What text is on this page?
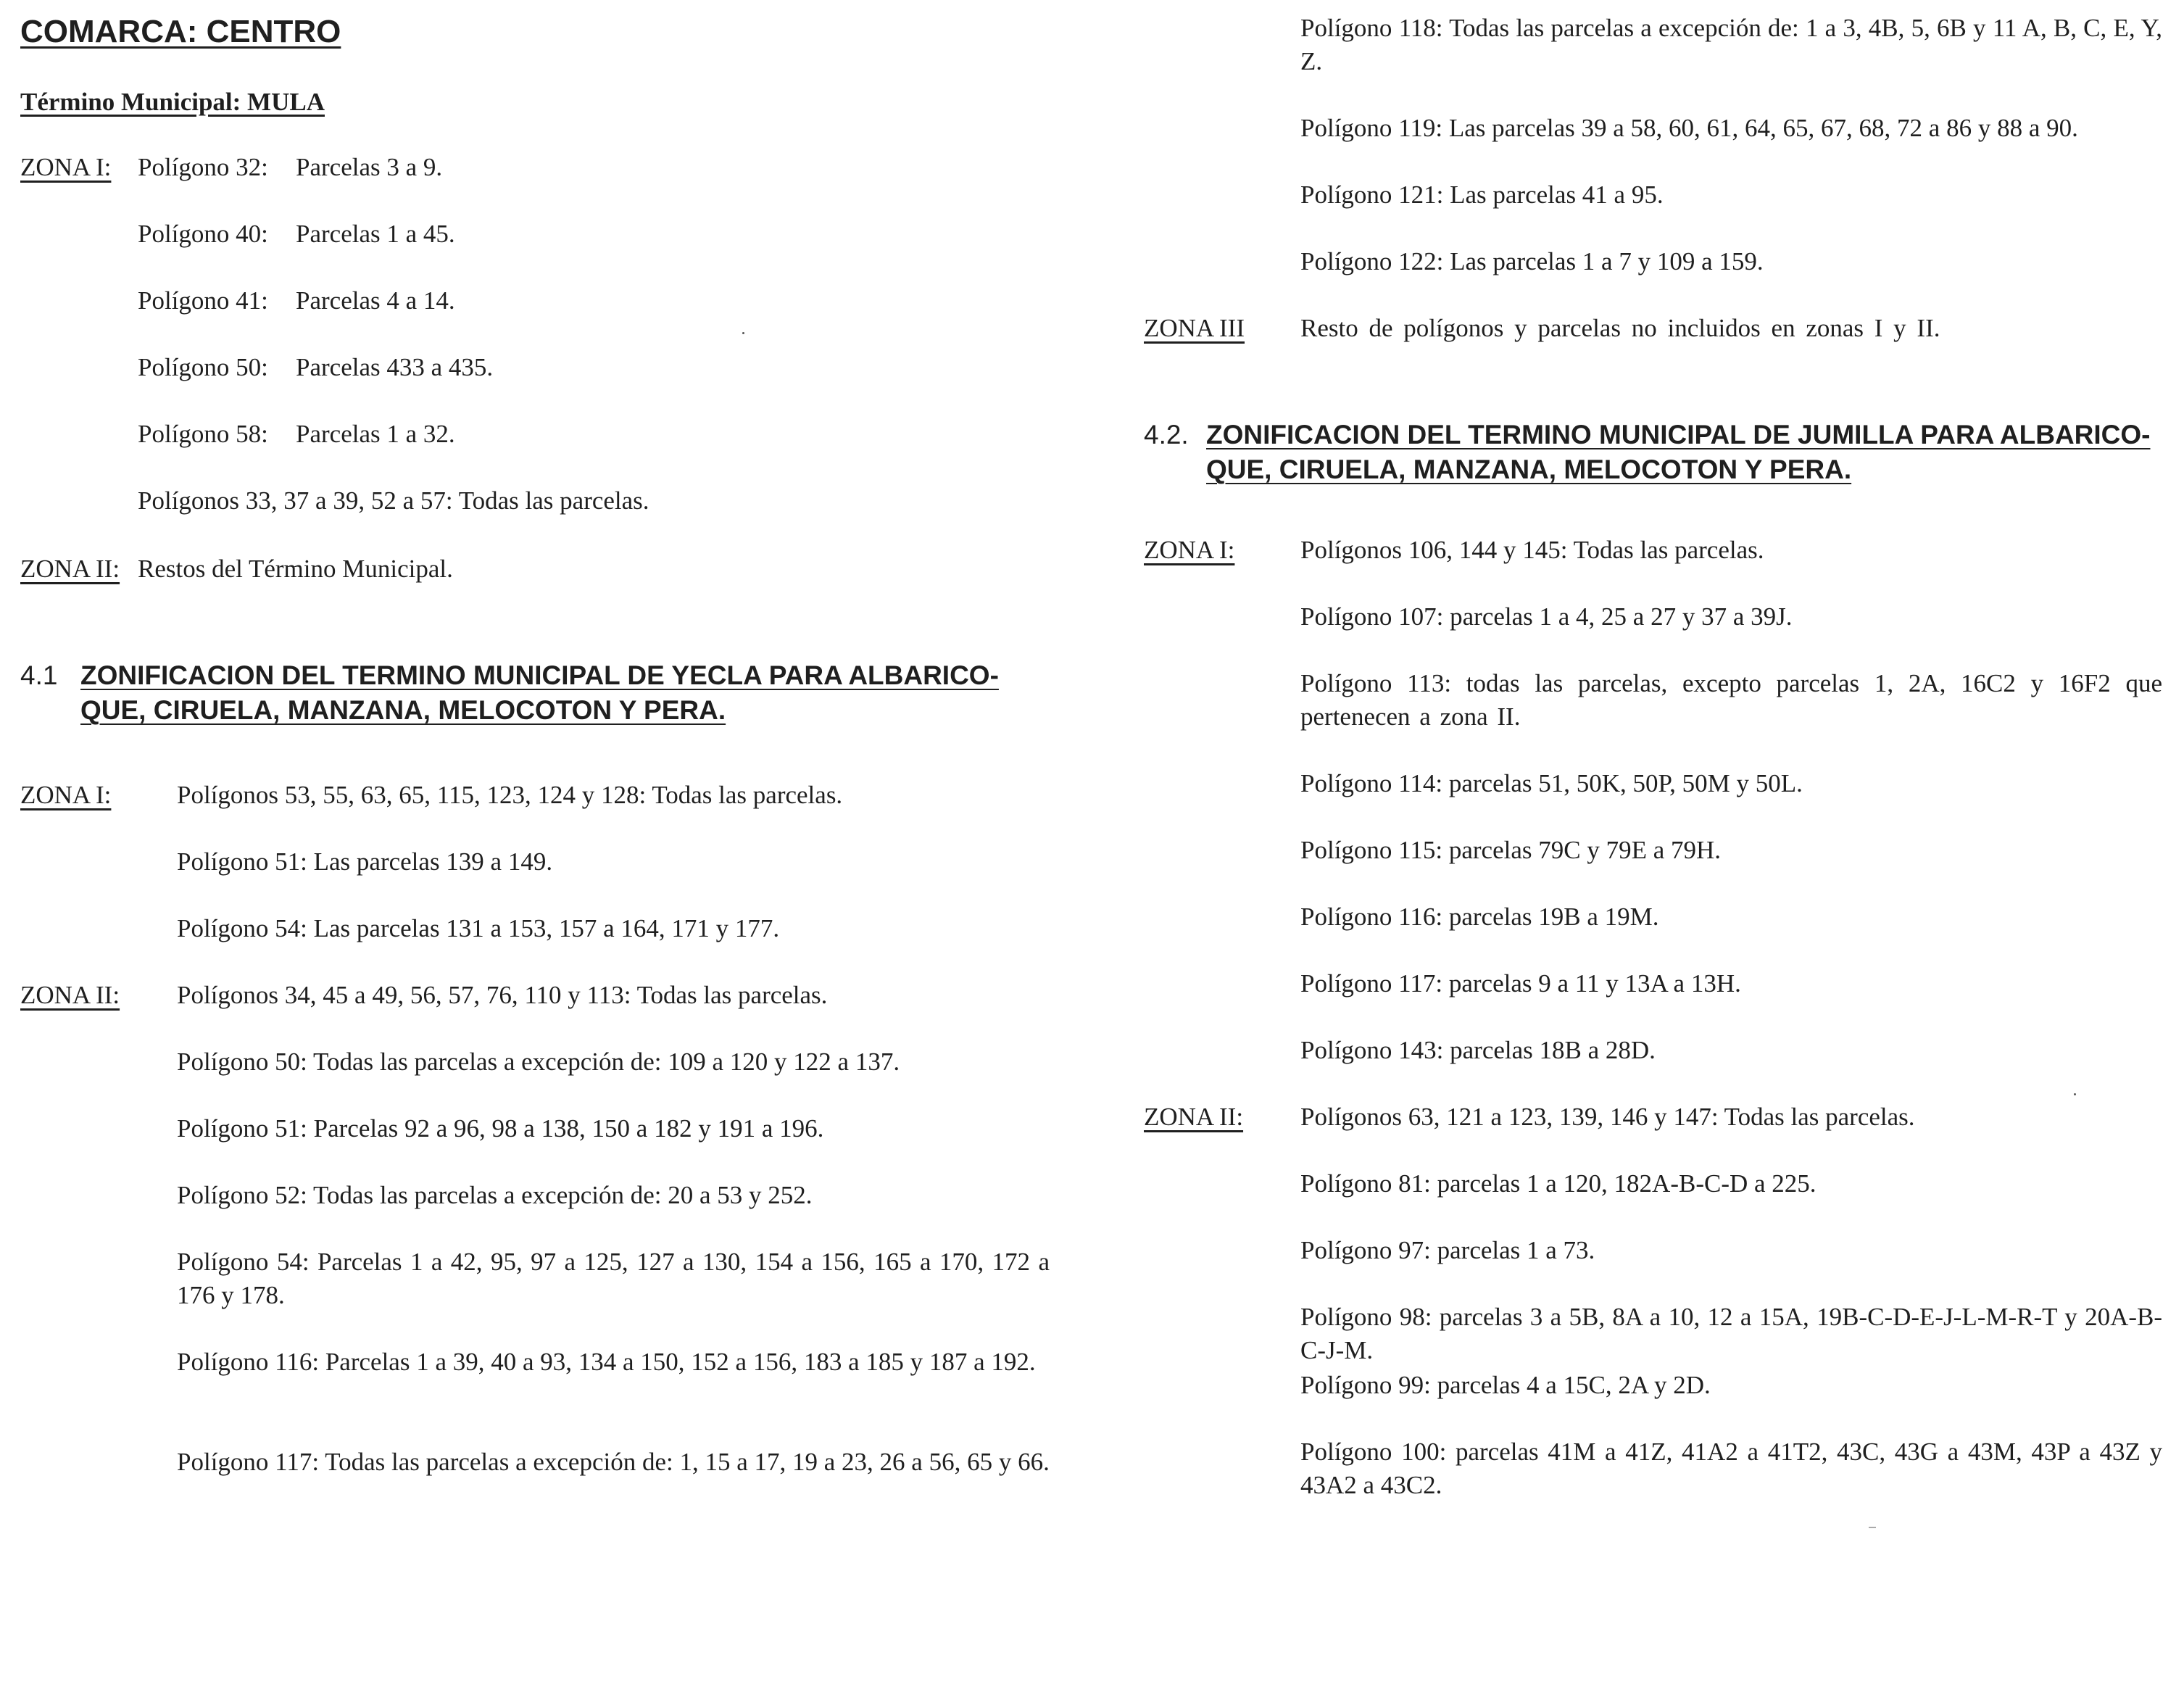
COMARCA: CENTRO
Término Municipal: MULA
ZONA I: Polígono 32: Parcelas 3 a 9.
Polígono 40: Parcelas 1 a 45.
Polígono 41: Parcelas 4 a 14.
Polígono 50: Parcelas 433 a 435.
Polígono 58: Parcelas 1 a 32.
Polígonos 33, 37 a 39, 52 a 57: Todas las parcelas.
ZONA II: Restos del Término Municipal.
4.1 ZONIFICACION DEL TERMINO MUNICIPAL DE YECLA PARA ALBARICO-QUE, CIRUELA, MANZANA, MELOCOTON Y PERA.
ZONA I:	Polígonos 53, 55, 63, 65, 115, 123, 124 y 128: Todas las parcelas.
Polígono 51: Las parcelas 139 a 149.
Polígono 54: Las parcelas 131 a 153, 157 a 164, 171 y 177.
ZONA II: Polígonos 34, 45 a 49, 56, 57, 76, 110 y 113: Todas las parcelas.
Polígono 50: Todas las parcelas a excepción de: 109 a 120 y 122 a 137.
Polígono 51: Parcelas 92 a 96, 98 a 138, 150 a 182 y 191 a 196.
Polígono 52: Todas las parcelas a excepción de: 20 a 53 y 252.
Polígono 54: Parcelas 1 a 42, 95, 97 a 125, 127 a 130, 154 a 156, 165 a 170, 172 a 176 y 178.
Polígono 116: Parcelas 1 a 39, 40 a 93, 134 a 150, 152 a 156, 183 a 185 y 187 a 192.
Polígono 117: Todas las parcelas a excepción de: 1, 15 a 17, 19 a 23, 26 a 56, 65 y 66.
Polígono 118: Todas las parcelas a excepción de: 1 a 3, 4B, 5, 6B y 11 A, B, C, E, Y, Z.
Polígono 119: Las parcelas 39 a 58, 60, 61, 64, 65, 67, 68, 72 a 86 y 88 a 90.
Polígono 121: Las parcelas 41 a 95.
Polígono 122: Las parcelas 1 a 7 y 109 a 159.
ZONA III Resto de polígonos y parcelas no incluidos en zonas I y II.
4.2. ZONIFICACION DEL TERMINO MUNICIPAL DE JUMILLA PARA ALBARICO-QUE, CIRUELA, MANZANA, MELOCOTON Y PERA.
ZONA I:	Polígonos 106, 144 y 145: Todas las parcelas.
Polígono 107: parcelas 1 a 4, 25 a 27 y 37 a 39J.
Polígono 113: todas las parcelas, excepto parcelas 1, 2A, 16C2 y 16F2 que pertenecen a zona II.
Polígono 114: parcelas 51, 50K, 50P, 50M y 50L.
Polígono 115: parcelas 79C y 79E a 79H.
Polígono 116: parcelas 19B a 19M.
Polígono 117: parcelas 9 a 11 y 13A a 13H.
Polígono 143: parcelas 18B a 28D.
ZONA II: Polígonos 63, 121 a 123, 139, 146 y 147: Todas las parcelas.
Polígono 81: parcelas 1 a 120, 182A-B-C-D a 225.
Polígono 97: parcelas 1 a 73.
Polígono 98: parcelas 3 a 5B, 8A a 10, 12 a 15A, 19B-C-D-E-J-L-M-R-T y 20A-B-C-J-M.
Polígono 99: parcelas 4 a 15C, 2A y 2D.
Polígono 100: parcelas 41M a 41Z, 41A2 a 41T2, 43C, 43G a 43M, 43P a 43Z y 43A2 a 43C2.
